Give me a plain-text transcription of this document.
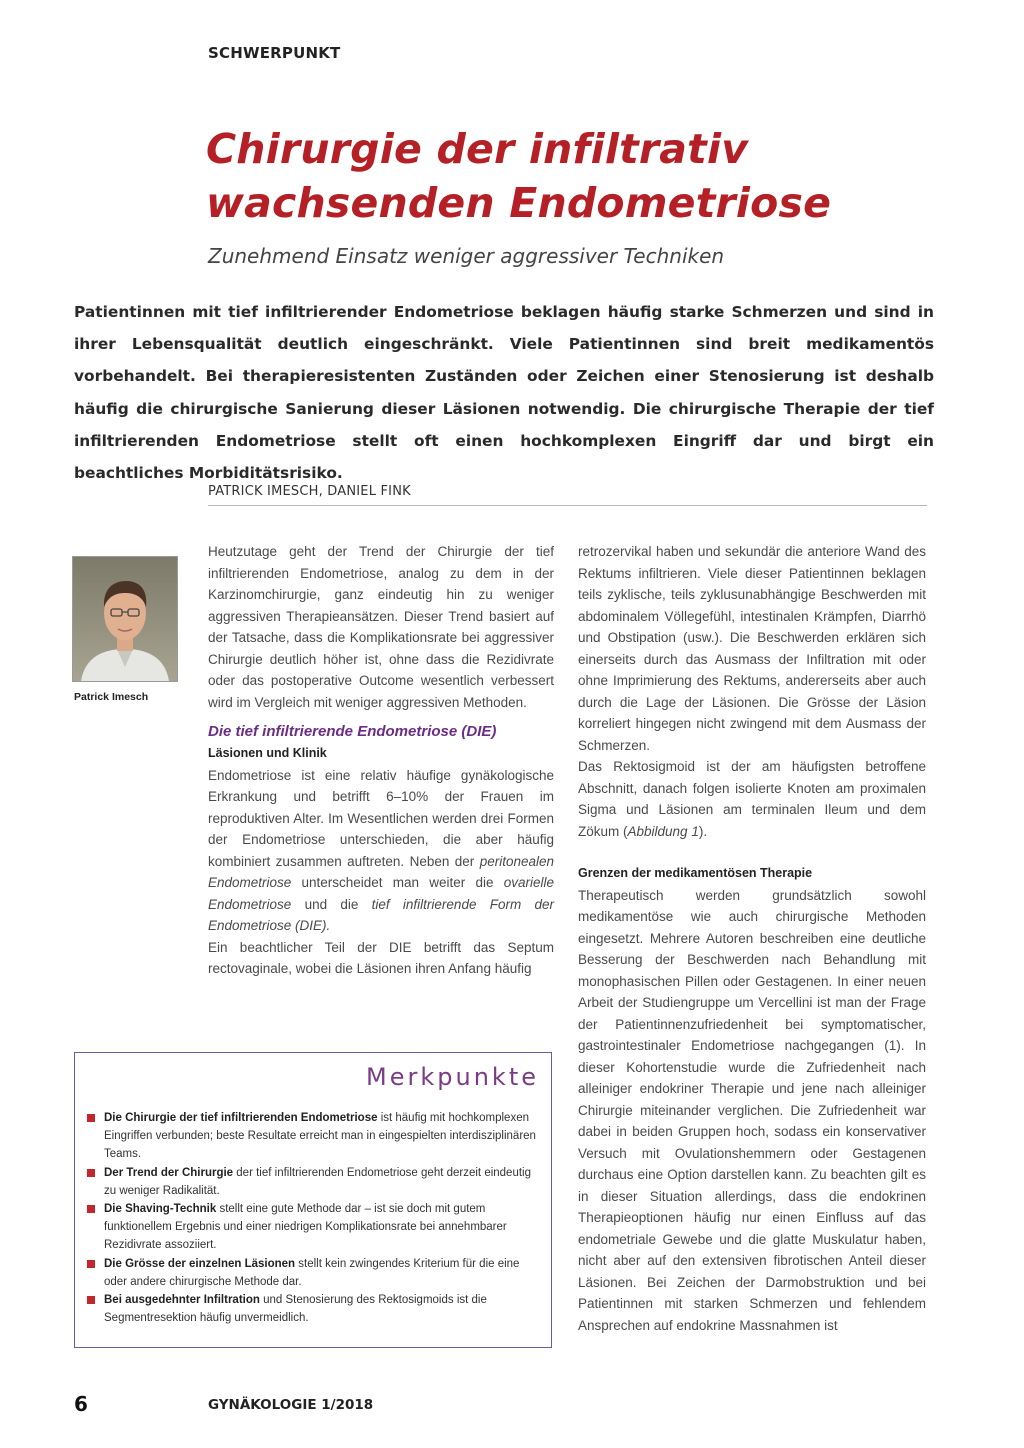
SCHWERPUNKT
Chirurgie der infiltrativ
wachsenden Endometriose
Zunehmend Einsatz weniger aggressiver Techniken

Patientinnen mit tief infiltrierender Endometriose beklagen häufig starke Schmerzen und sind in ihrer Lebensqualität deutlich eingeschränkt. Viele Patientinnen sind breit medikamentös vorbehandelt. Bei therapieresistenten Zuständen oder Zeichen einer Stenosierung ist deshalb häufig die chirurgische Sanierung dieser Läsionen notwendig. Die chirurgische Therapie der tief infiltrierenden Endometriose stellt oft einen hochkomplexen Eingriff dar und birgt ein beachtliches Morbiditätsrisiko.

PATRICK IMESCH, DANIEL FINK
Patrick Imesch

Heutzutage geht der Trend der Chirurgie der tief infiltrierenden Endometriose, analog zu dem in der Karzinomchirurgie, ganz eindeutig hin zu weniger aggressiven Therapieansätzen. Dieser Trend basiert auf der Tatsache, dass die Komplikationsrate bei aggressiver Chirurgie deutlich höher ist, ohne dass die Rezidivrate oder das postoperative Outcome wesentlich verbessert wird im Vergleich mit weniger aggressiven Methoden.

Die tief infiltrierende Endometriose (DIE)

Läsionen und Klinik

Endometriose ist eine relativ häufige gynäkologische Erkrankung und betrifft 6–10% der Frauen im reproduktiven Alter. Im Wesentlichen werden drei Formen der Endometriose unterschieden, die aber häufig kombiniert zusammen auftreten. Neben der peritonealen Endometriose unterscheidet man weiter die ovarielle Endometriose und die tief infiltrierende Form der Endometriose (DIE).

Ein beachtlicher Teil der DIE betrifft das Septum rectovaginale, wobei die Läsionen ihren Anfang häufig

retrozervikal haben und sekundär die anteriore Wand des Rektums infiltrieren. Viele dieser Patientinnen beklagen teils zyklische, teils zyklusunabhängige Beschwerden mit abdominalem Völlegefühl, intestinalen Krämpfen, Diarrhö und Obstipation (usw.). Die Beschwerden erklären sich einerseits durch das Ausmass der Infiltration mit oder ohne Imprimierung des Rektums, andererseits aber auch durch die Lage der Läsionen. Die Grösse der Läsion korreliert hingegen nicht zwingend mit dem Ausmass der Schmerzen.

Das Rektosigmoid ist der am häufigsten betroffene Abschnitt, danach folgen isolierte Knoten am proximalen Sigma und Läsionen am terminalen Ileum und dem Zökum (Abbildung 1).

Grenzen der medikamentösen Therapie

Therapeutisch werden grundsätzlich sowohl medikamentöse wie auch chirurgische Methoden eingesetzt. Mehrere Autoren beschreiben eine deutliche Besserung der Beschwerden nach Behandlung mit monophasischen Pillen oder Gestagenen. In einer neuen Arbeit der Studiengruppe um Vercellini ist man der Frage der Patientinnenzufriedenheit bei symptomatischer, gastrointestinaler Endometriose nachgegangen (1). In dieser Kohortenstudie wurde die Zufriedenheit nach alleiniger endokriner Therapie und jene nach alleiniger Chirurgie miteinander verglichen. Die Zufriedenheit war dabei in beiden Gruppen hoch, sodass ein konservativer Versuch mit Ovulationshemmern oder Gestagenen durchaus eine Option darstellen kann. Zu beachten gilt es in dieser Situation allerdings, dass die endokrinen Therapieoptionen häufig nur einen Einfluss auf das endometriale Gewebe und die glatte Muskulatur haben, nicht aber auf den extensiven fibrotischen Anteil dieser Läsionen. Bei Zeichen der Darmobstruktion und bei Patientinnen mit starken Schmerzen und fehlendem Ansprechen auf endokrine Massnahmen ist

Merkpunkte
Die Chirurgie der tief infiltrierenden Endometriose ist häufig mit hochkomplexen Eingriffen verbunden; beste Resultate erreicht man in eingespielten interdisziplinären Teams.
Der Trend der Chirurgie der tief infiltrierenden Endometriose geht derzeit eindeutig zu weniger Radikalität.
Die Shaving-Technik stellt eine gute Methode dar – ist sie doch mit gutem funktionellem Ergebnis und einer niedrigen Komplikationsrate bei annehmbarer Rezidivrate assoziiert.
Die Grösse der einzelnen Läsionen stellt kein zwingendes Kriterium für die eine oder andere chirurgische Methode dar.
Bei ausgedehnter Infiltration und Stenosierung des Rektosigmoids ist die Segmentresektion häufig unvermeidlich.
6	GYNÄKOLOGIE 1/2018
